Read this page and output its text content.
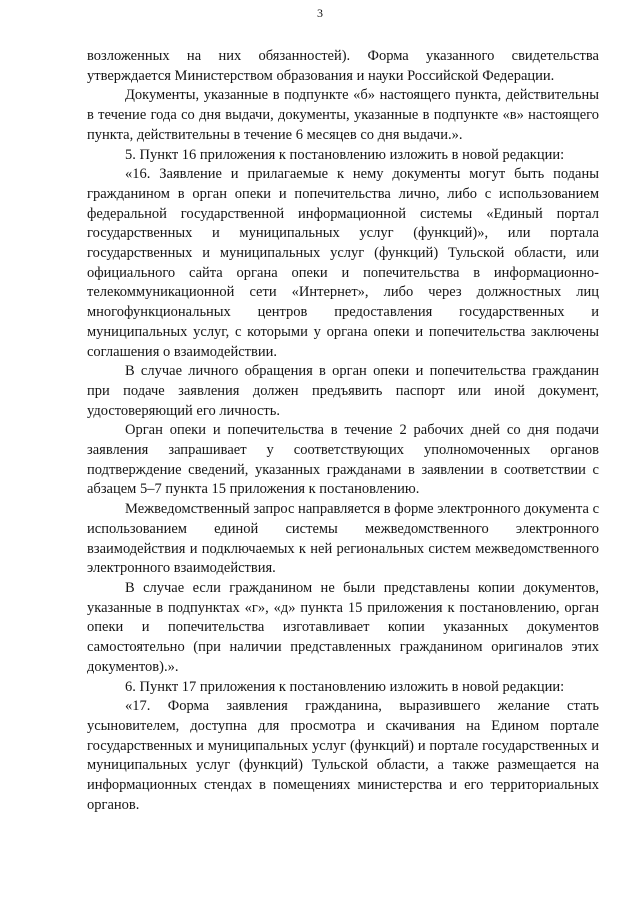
3

возложенных на них обязанностей). Форма указанного свидетельства утверждается Министерством образования и науки Российской Федерации.

Документы, указанные в подпункте «б» настоящего пункта, действительны в течение года со дня выдачи, документы, указанные в подпункте «в» настоящего пункта, действительны в течение 6 месяцев со дня выдачи.».

5. Пункт 16 приложения к постановлению изложить в новой редакции:

«16. Заявление и прилагаемые к нему документы могут быть поданы гражданином в орган опеки и попечительства лично, либо с использованием федеральной государственной информационной системы «Единый портал государственных и муниципальных услуг (функций)», или портала государственных и муниципальных услуг (функций) Тульской области, или официального сайта органа опеки и попечительства в информационно-телекоммуникационной сети «Интернет», либо через должностных лиц многофункциональных центров предоставления государственных и муниципальных услуг, с которыми у органа опеки и попечительства заключены соглашения о взаимодействии.

В случае личного обращения в орган опеки и попечительства гражданин при подаче заявления должен предъявить паспорт или иной документ, удостоверяющий его личность.

Орган опеки и попечительства в течение 2 рабочих дней со дня подачи заявления запрашивает у соответствующих уполномоченных органов подтверждение сведений, указанных гражданами в заявлении в соответствии с абзацем 5–7 пункта 15 приложения к постановлению.

Межведомственный запрос направляется в форме электронного документа с использованием единой системы межведомственного электронного взаимодействия и подключаемых к ней региональных систем межведомственного электронного взаимодействия.

В случае если гражданином не были представлены копии документов, указанные в подпунктах «г», «д» пункта 15 приложения к постановлению, орган опеки и попечительства изготавливает копии указанных документов самостоятельно (при наличии представленных гражданином оригиналов этих документов).».

6. Пункт 17 приложения к постановлению изложить в новой редакции:

«17. Форма заявления гражданина, выразившего желание стать усыновителем, доступна для просмотра и скачивания на Едином портале государственных и муниципальных услуг (функций) и портале государственных и муниципальных услуг (функций) Тульской области, а также размещается на информационных стендах в помещениях министерства и его территориальных органов.
